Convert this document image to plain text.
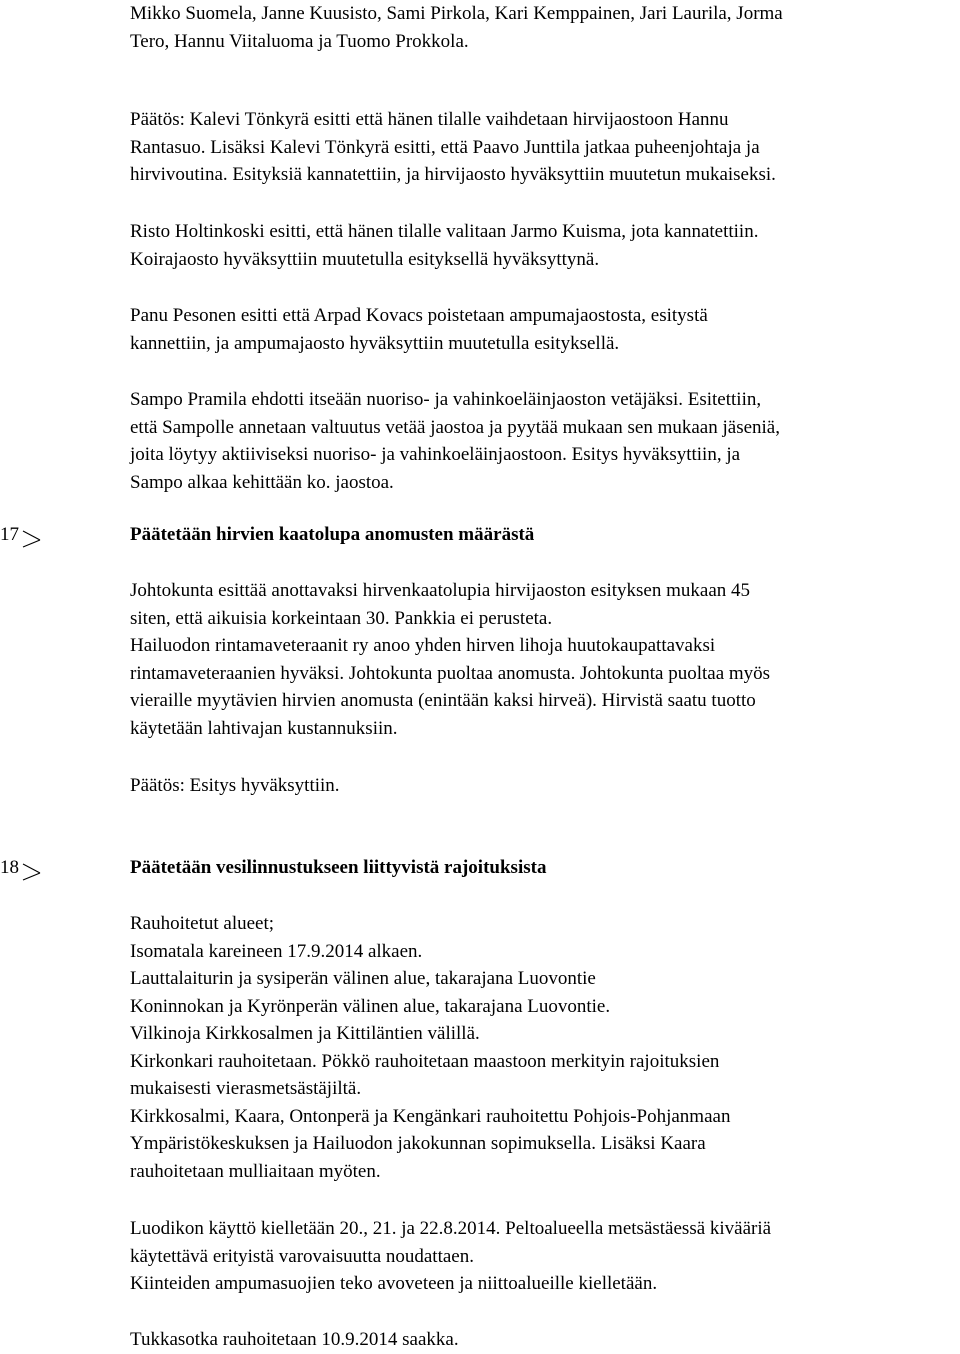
Mikko Suomela, Janne Kuusisto, Sami Pirkola, Kari Kemppainen, Jari Laurila, Jorma
Tero, Hannu Viitaluoma ja Tuomo Prokkola.
Päätös: Kalevi Tönkyrä esitti että hänen tilalle vaihdetaan hirvijaostoon Hannu
Rantasuo. Lisäksi Kalevi Tönkyrä esitti, että Paavo Junttila jatkaa puheenjohtaja ja
hirvivoutina. Esityksiä kannatettiin, ja hirvijaosto hyväksyttiin muutetun mukaiseksi.
Risto Holtinkoski esitti, että hänen tilalle valitaan Jarmo Kuisma, jota kannatettiin.
Koirajaosto hyväksyttiin muutetulla esityksellä hyväksyttynä.
Panu Pesonen esitti että Arpad Kovacs poistetaan ampumajaostosta, esitystä
kannettiin, ja ampumajaosto hyväksyttiin muutetulla esityksellä.
Sampo Pramila ehdotti itseään nuoriso- ja vahinkoeläinjaoston vetäjäksi. Esitettiin,
että Sampolle annetaan valtuutus vetää jaostoa ja pyytää mukaan sen mukaan jäseniä,
joita löytyy aktiiviseksi nuoriso- ja vahinkoeläinjaostoon. Esitys hyväksyttiin, ja
Sampo alkaa kehittään ko. jaostoa.
17	Päätetään hirvien kaatolupa anomusten määrästä
Johtokunta esittää anottavaksi hirvenkaatolupia hirvijaoston esityksen mukaan 45
siten, että aikuisia korkeintaan 30. Pankkia ei perusteta.
Hailuodon rintamaveteraanit ry anoo yhden hirven lihoja huutokaupattavaksi
rintamaveteraanien hyväksi. Johtokunta puoltaa anomusta. Johtokunta puoltaa myös
vieraille myytävien hirvien anomusta (enintään kaksi hirveä). Hirvistä saatu tuotto
käytetään lahtivajan kustannuksiin.
Päätös: Esitys hyväksyttiin.
18	Päätetään vesilinnustukseen liittyvistä rajoituksista
Rauhoitetut alueet;
Isomatala kareineen 17.9.2014 alkaen.
Lauttalaiturin ja sysiperän välinen alue, takarajana Luovontie
Koninnokan ja Kyrönperän välinen alue, takarajana Luovontie.
Vilkinoja Kirkkosalmen ja Kittiläntien välillä.
Kirkonkari rauhoitetaan. Pökkö rauhoitetaan maastoon merkityin rajoituksien
mukaisesti vierasmetsästäjiltä.
Kirkkosalmi, Kaara, Ontonperä ja Kengänkari rauhoitettu Pohjois-Pohjanmaan
Ympäristökeskuksen ja Hailuodon jakokunnan sopimuksella. Lisäksi Kaara
rauhoitetaan mulliaitaan myöten.
Luodikon käyttö kielletään 20., 21. ja 22.8.2014. Peltoalueella metsästäessä kivääriä
käytettävä erityistä varovaisuutta noudattaen.
Kiinteiden ampumasuojien teko avoveteen ja niittoalueille kielletään.
Tukkasotka rauhoitetaan 10.9.2014 saakka.
